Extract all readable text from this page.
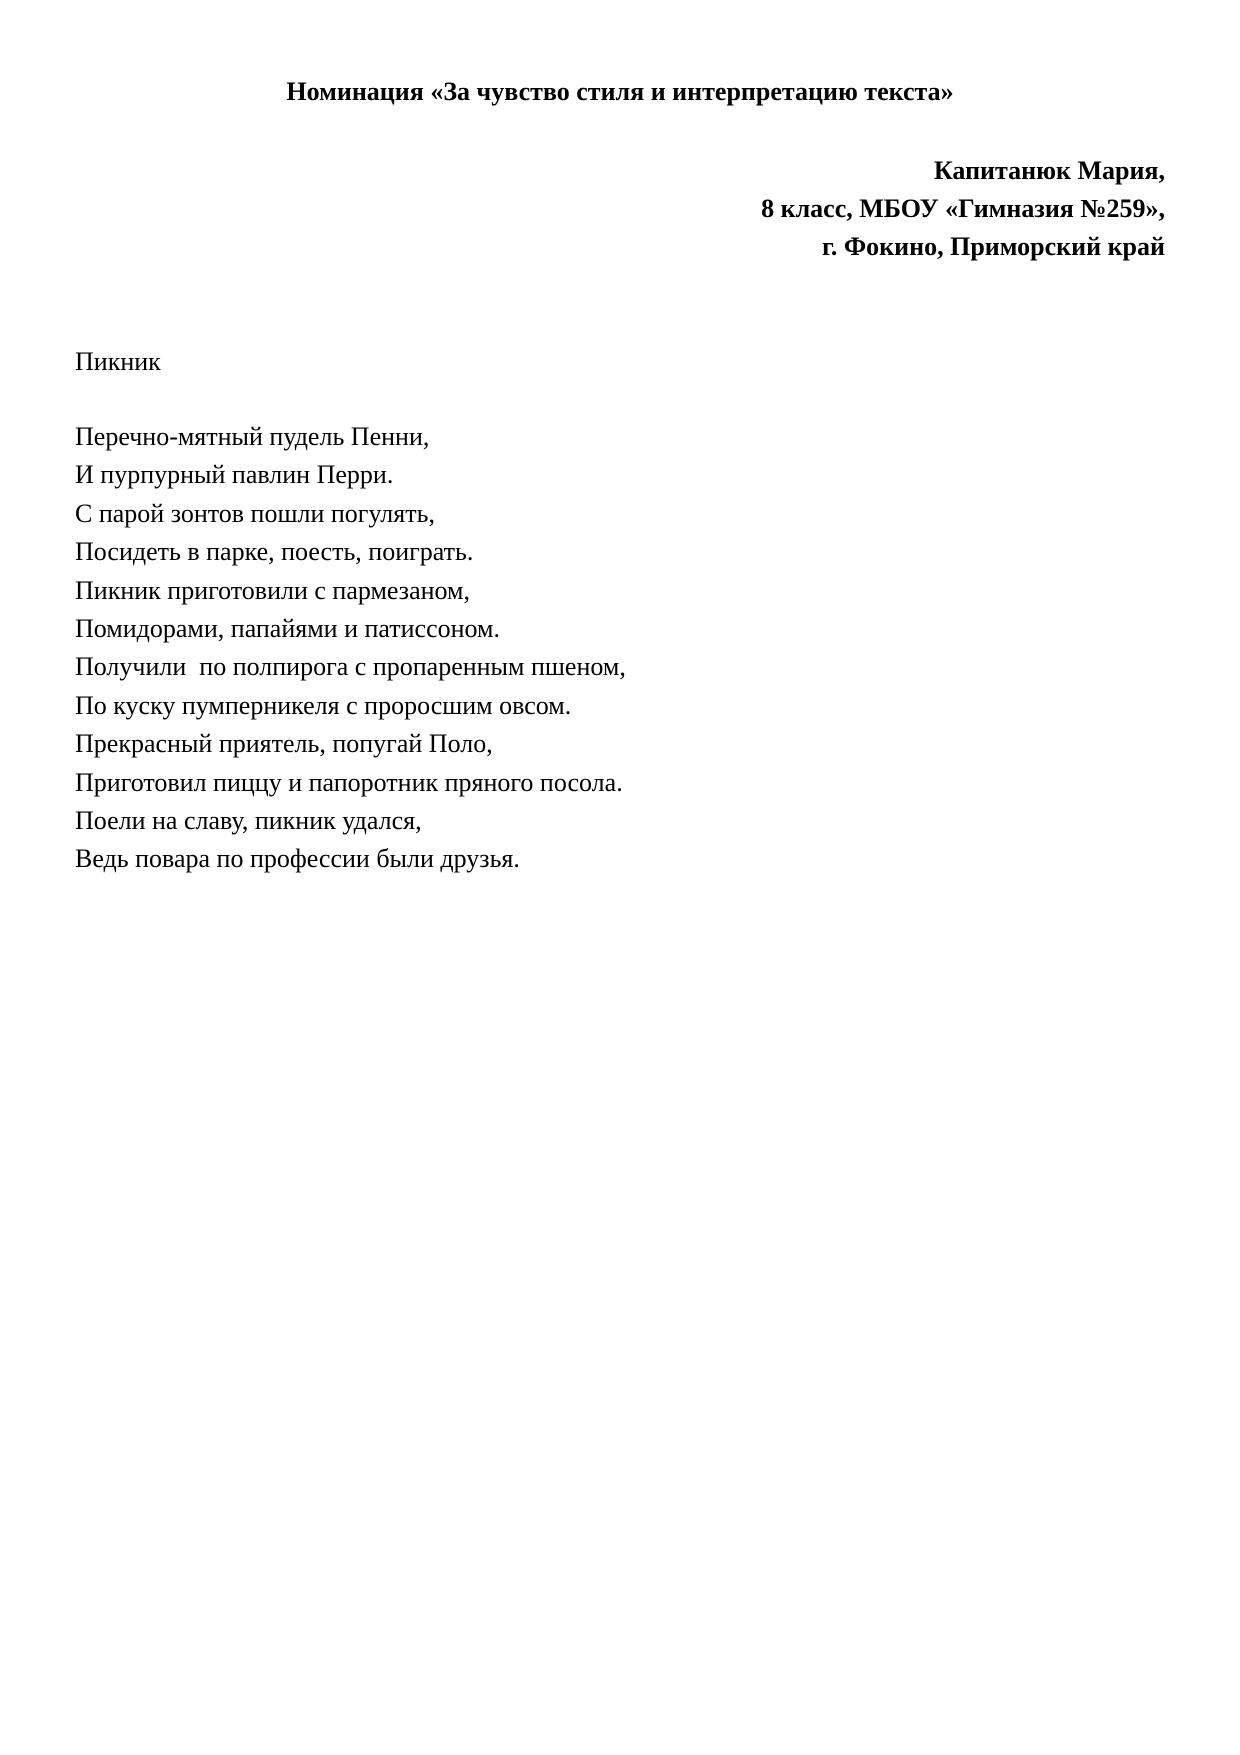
Номинация «За чувство стиля и интерпретацию текста»
Капитанюк Мария,
8 класс, МБОУ «Гимназия №259»,
г. Фокино, Приморский край
Пикник
Перечно-мятный пудель Пенни,
И пурпурный павлин Перри.
С парой зонтов пошли погулять,
Посидеть в парке, поесть, поиграть.
Пикник приготовили с пармезаном,
Помидорами, папайями и патиссоном.
Получили  по полпирога с пропаренным пшеном,
По куску пумперникеля с проросшим овсом.
Прекрасный приятель, попугай Поло,
Приготовил пиццу и папоротник пряного посола.
Поели на славу, пикник удался,
Ведь повара по профессии были друзья.
